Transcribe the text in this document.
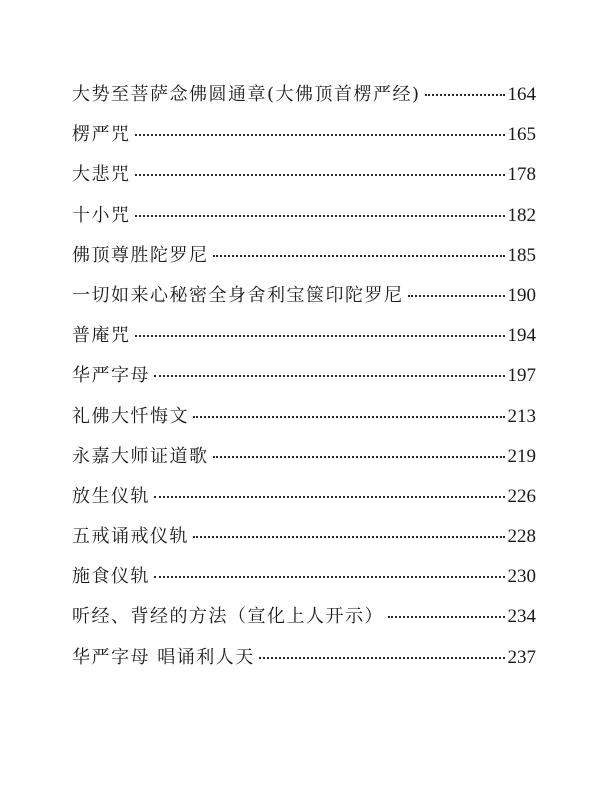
大势至菩萨念佛圆通章(大佛顶首楞严经)	164
楞严咒	165
大悲咒	178
十小咒	182
佛顶尊胜陀罗尼	185
一切如来心秘密全身舍利宝箧印陀罗尼	190
普庵咒	194
华严字母	197
礼佛大忏悔文	213
永嘉大师证道歌	219
放生仪轨	226
五戒诵戒仪轨	228
施食仪轨	230
听经、背经的方法（宣化上人开示）	234
华严字母 唱诵利人天	237
